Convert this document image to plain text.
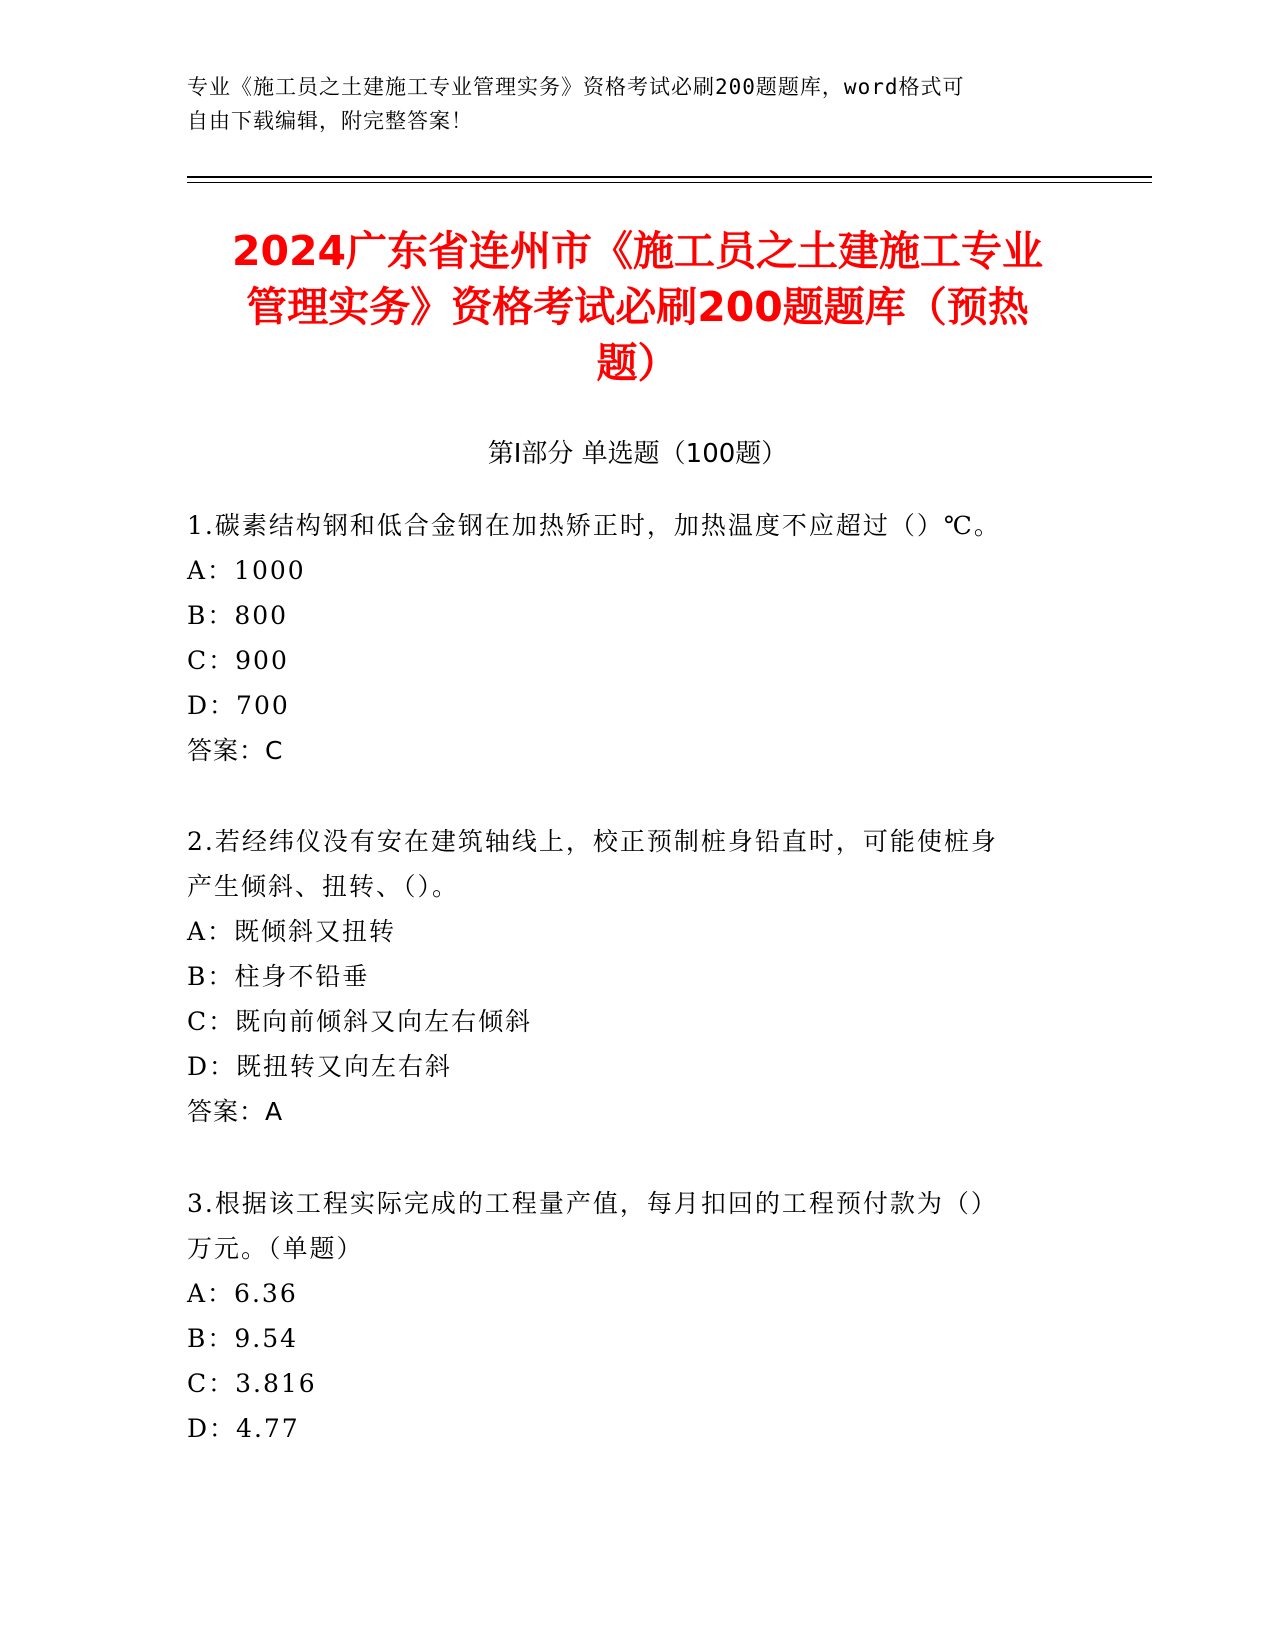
专业《施工员之土建施工专业管理实务》资格考试必刷200题题库，word格式可
自由下载编辑，附完整答案！
2024广东省连州市《施工员之土建施工专业
管理实务》资格考试必刷200题题库（预热
题）
第Ⅰ部分 单选题（100题）
1.碳素结构钢和低合金钢在加热矫正时，加热温度不应超过（）℃。
A：1000
B：800
C：900
D：700
答案：C
2.若经纬仪没有安在建筑轴线上，校正预制桩身铅直时，可能使桩身
产生倾斜、扭转、（）。
A：既倾斜又扭转
B：柱身不铅垂
C：既向前倾斜又向左右倾斜
D：既扭转又向左右斜
答案：A
3.根据该工程实际完成的工程量产值，每月扣回的工程预付款为（）
万元。（单题）
A：6.36
B：9.54
C：3.816
D：4.77
